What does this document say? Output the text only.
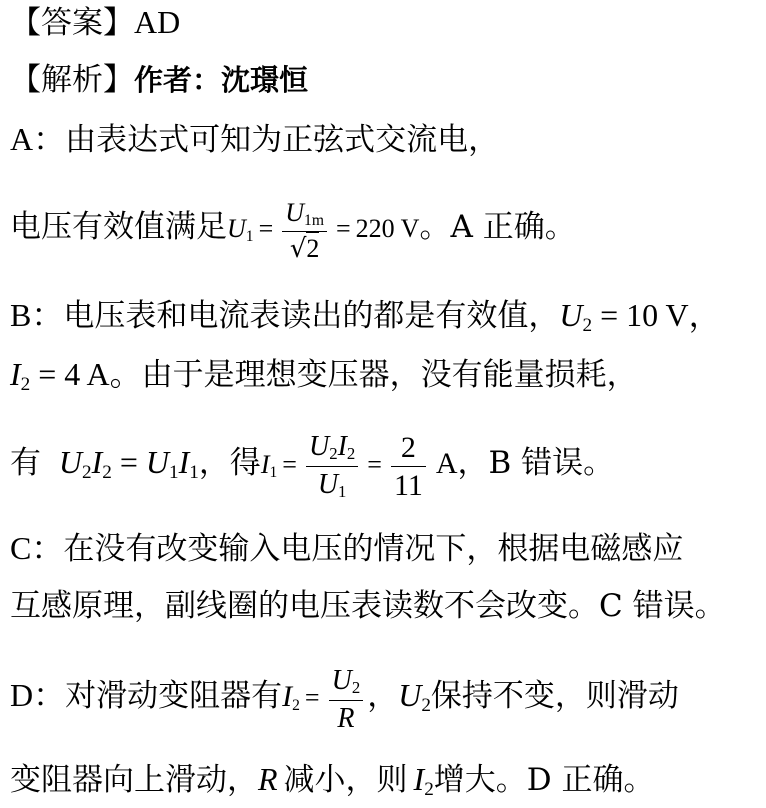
【答案】AD
【解析】作者：沈璟恒
A：由表达式可知为正弦式交流电，
电压有效值满足$U_1 = \frac{U_{1m}}{√2} = 220$ V。A 正确。
B：电压表和电流表读出的都是有效值，$U_2 = 10$ V，
$I_2 = 4$ A。由于是理想变压器，没有能量损耗，
有 $U_2I_2 = U_1I_1$，得$I_1 = \frac{U_2I_2}{U_1} = \frac{2}{11}$ A，B 错误。
C：在没有改变输入电压的情况下，根据电磁感应
互感原理，副线圈的电压表读数不会改变。C 错误。
D：对滑动变阻器有$I_2 = \frac{U_2}{R}$ ，$U_2$保持不变，则滑动
变阻器向上滑动，R 减小，则 $I_2$增大。D 正确。
